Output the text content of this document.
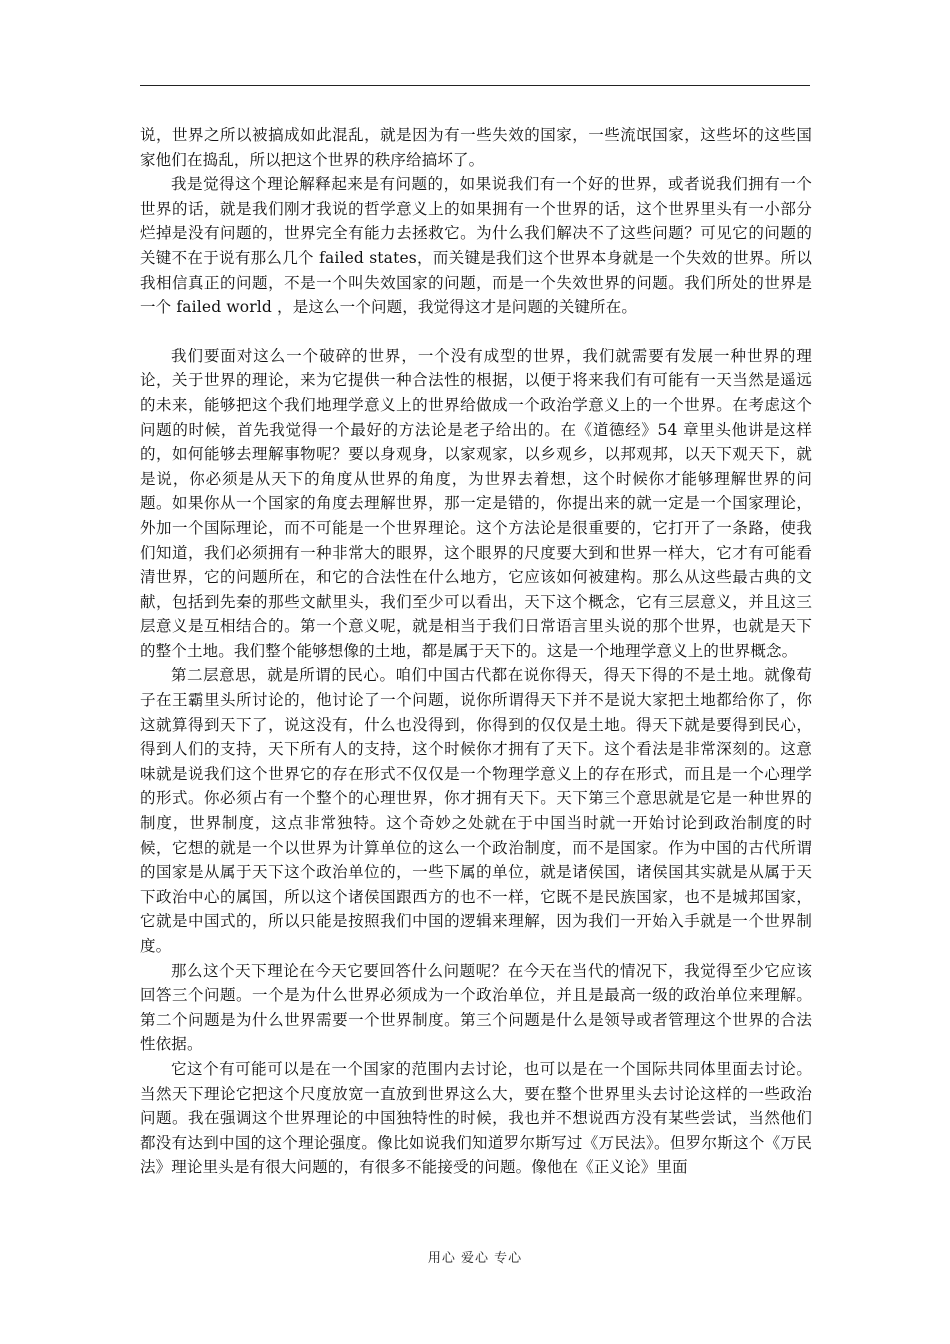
说，世界之所以被搞成如此混乱，就是因为有一些失效的国家，一些流氓国家，这些坏的这些国家他们在捣乱，所以把这个世界的秩序给搞坏了。

我是觉得这个理论解释起来是有问题的，如果说我们有一个好的世界，或者说我们拥有一个世界的话，就是我们刚才我说的哲学意义上的如果拥有一个世界的话，这个世界里头有一小部分烂掉是没有问题的，世界完全有能力去拯救它。为什么我们解决不了这些问题？可见它的问题的关键不在于说有那么几个 failed states，而关键是我们这个世界本身就是一个失效的世界。所以我相信真正的问题，不是一个叫失效国家的问题，而是一个失效世界的问题。我们所处的世界是一个 failed world ，是这么一个问题，我觉得这才是问题的关键所在。

我们要面对这么一个破碎的世界，一个没有成型的世界，我们就需要有发展一种世界的理论，关于世界的理论，来为它提供一种合法性的根据，以便于将来我们有可能有一天当然是遥远的未来，能够把这个我们地理学意义上的世界给做成一个政治学意义上的一个世界。在考虑这个问题的时候，首先我觉得一个最好的方法论是老子给出的。在《道德经》54 章里头他讲是这样的，如何能够去理解事物呢？要以身观身，以家观家，以乡观乡，以邦观邦，以天下观天下，就是说，你必须是从天下的角度从世界的角度，为世界去着想，这个时候你才能够理解世界的问题。如果你从一个国家的角度去理解世界，那一定是错的，你提出来的就一定是一个国家理论，外加一个国际理论，而不可能是一个世界理论。这个方法论是很重要的，它打开了一条路，使我们知道，我们必须拥有一种非常大的眼界，这个眼界的尺度要大到和世界一样大，它才有可能看清世界，它的问题所在，和它的合法性在什么地方，它应该如何被建构。那么从这些最古典的文献，包括到先秦的那些文献里头，我们至少可以看出，天下这个概念，它有三层意义，并且这三层意义是互相结合的。第一个意义呢，就是相当于我们日常语言里头说的那个世界，也就是天下的整个土地。我们整个能够想像的土地，都是属于天下的。这是一个地理学意义上的世界概念。

第二层意思，就是所谓的民心。咱们中国古代都在说你得天，得天下得的不是土地。就像荀子在王霸里头所讨论的，他讨论了一个问题，说你所谓得天下并不是说大家把土地都给你了，你这就算得到天下了，说这没有，什么也没得到，你得到的仅仅是土地。得天下就是要得到民心，得到人们的支持，天下所有人的支持，这个时候你才拥有了天下。这个看法是非常深刻的。这意味就是说我们这个世界它的存在形式不仅仅是一个物理学意义上的存在形式，而且是一个心理学的形式。你必须占有一个整个的心理世界，你才拥有天下。天下第三个意思就是它是一种世界的制度，世界制度，这点非常独特。这个奇妙之处就在于中国当时就一开始讨论到政治制度的时候，它想的就是一个以世界为计算单位的这么一个政治制度，而不是国家。作为中国的古代所谓的国家是从属于天下这个政治单位的，一些下属的单位，就是诸侯国，诸侯国其实就是从属于天下政治中心的属国，所以这个诸侯国跟西方的也不一样，它既不是民族国家，也不是城邦国家，它就是中国式的，所以只能是按照我们中国的逻辑来理解，因为我们一开始入手就是一个世界制度。

那么这个天下理论在今天它要回答什么问题呢？在今天在当代的情况下，我觉得至少它应该回答三个问题。一个是为什么世界必须成为一个政治单位，并且是最高一级的政治单位来理解。第二个问题是为什么世界需要一个世界制度。第三个问题是什么是领导或者管理这个世界的合法性依据。

它这个有可能可以是在一个国家的范围内去讨论，也可以是在一个国际共同体里面去讨论。当然天下理论它把这个尺度放宽一直放到世界这么大，要在整个世界里头去讨论这样的一些政治问题。我在强调这个世界理论的中国独特性的时候，我也并不想说西方没有某些尝试，当然他们都没有达到中国的这个理论强度。像比如说我们知道罗尔斯写过《万民法》。但罗尔斯这个《万民法》理论里头是有很大问题的，有很多不能接受的问题。像他在《正义论》里面

用心 爱心 专心
